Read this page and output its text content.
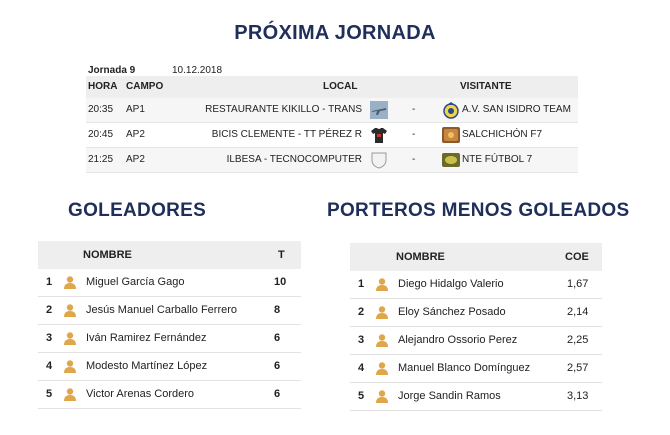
PRÓXIMA JORNADA
Jornada 9	10.12.2018
HORA CAMPO	LOCAL	VISITANTE
20:35 AP1	RESTAURANTE KIKILLO - TRANS	-	A.V. SAN ISIDRO TEAM
20:45 AP2	BICIS CLEMENTE - TT PÉREZ R	-	SALCHICHÓN F7
21:25 AP2	ILBESA - TECNOCOMPUTER	-	NTE FÚTBOL 7
GOLEADORES	PORTEROS MENOS GOLEADOS
NOMBRE	T
1	Miguel García Gago	10
2	Jesús Manuel Carballo Ferrero	8
3	Iván Ramirez Fernández	6
4	Modesto Martínez López	6
5	Victor Arenas Cordero	6
NOMBRE	COE
1	Diego Hidalgo Valerio	1,67
2	Eloy Sánchez Posado	2,14
3	Alejandro Ossorio Perez	2,25
4	Manuel Blanco Domínguez	2,57
5	Jorge Sandin Ramos	3,13
